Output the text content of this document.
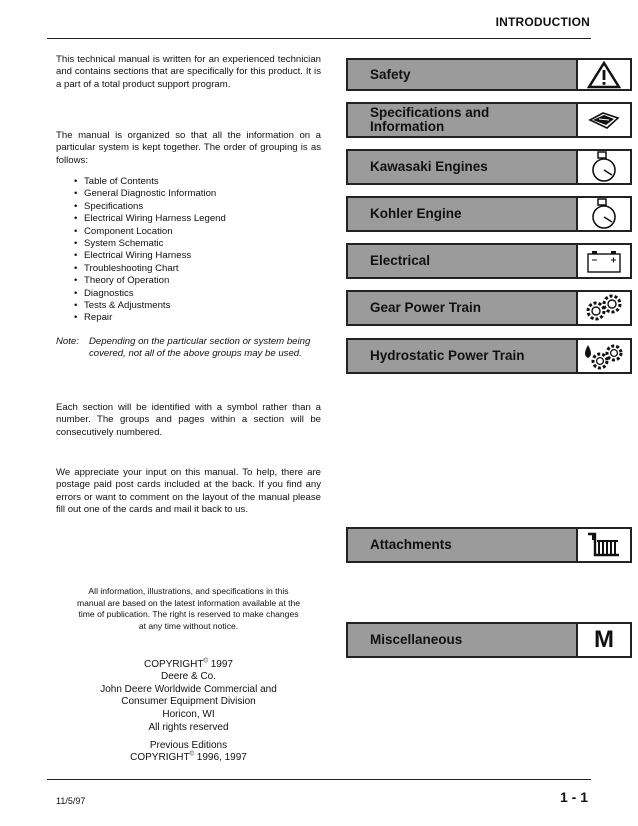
INTRODUCTION

This technical manual is written for an experienced technician and contains sections that are specifically for this product. It is a part of a total product support program.

The manual is organized so that all the information on a particular system is kept together. The order of grouping is as follows:

• Table of Contents
• General Diagnostic Information
• Specifications
• Electrical Wiring Harness Legend
• Component Location
• System Schematic
• Electrical Wiring Harness
• Troubleshooting Chart
• Theory of Operation
• Diagnostics
• Tests & Adjustments
• Repair
Note:	Depending on the particular section or system being covered, not all of the above groups may be used.

Each section will be identified with a symbol rather than a number. The groups and pages within a section will be consecutively numbered.

We appreciate your input on this manual. To help, there are postage paid post cards included at the back. If you find any errors or want to comment on the layout of the manual please fill out one of the cards and mail it back to us.

All information, illustrations, and specifications in this manual are based on the latest information available at the time of publication. The right is reserved to make changes at any time without notice.

COPYRIGHT© 1997
Deere & Co.
John Deere Worldwide Commercial and
Consumer Equipment Division
Horicon, WI
All rights reserved
Previous Editions
COPYRIGHT© 1996, 1997
Safety
Specifications and
Information
Kawasaki Engines
Kohler Engine
Electrical
Gear Power Train
Hydrostatic Power Train
Attachments
Miscellaneous	M
11/5/97	1 - 1
